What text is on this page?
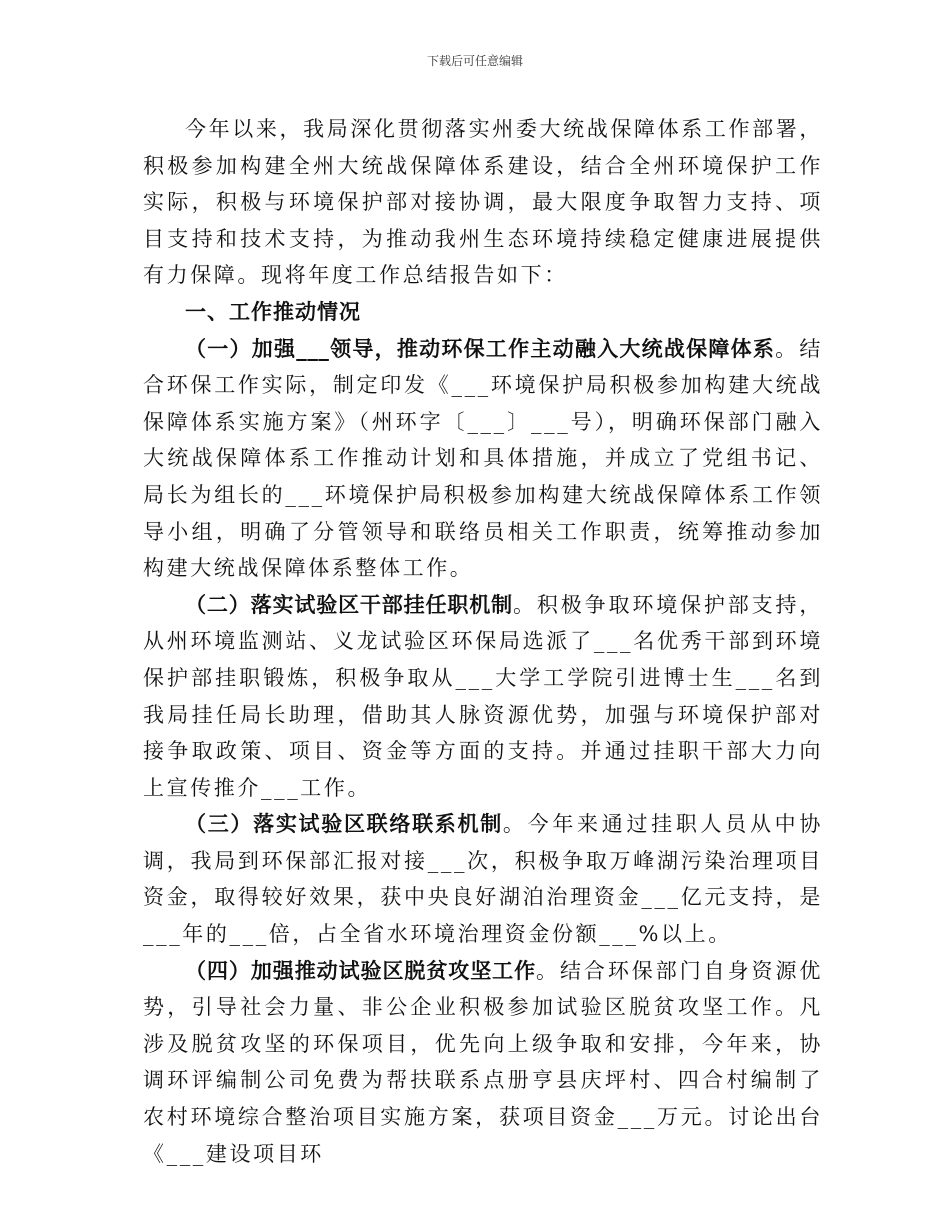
下载后可任意编辑

今年以来，我局深化贯彻落实州委大统战保障体系工作部署，积极参加构建全州大统战保障体系建设，结合全州环境保护工作实际，积极与环境保护部对接协调，最大限度争取智力支持、项目支持和技术支持，为推动我州生态环境持续稳定健康进展提供有力保障。现将年度工作总结报告如下：

一、工作推动情况

（一）加强___领导，推动环保工作主动融入大统战保障体系。结合环保工作实际，制定印发《___环境保护局积极参加构建大统战保障体系实施方案》（州环字〔___〕___号），明确环保部门融入大统战保障体系工作推动计划和具体措施，并成立了党组书记、局长为组长的___环境保护局积极参加构建大统战保障体系工作领导小组，明确了分管领导和联络员相关工作职责，统筹推动参加构建大统战保障体系整体工作。

（二）落实试验区干部挂任职机制。积极争取环境保护部支持，从州环境监测站、义龙试验区环保局选派了___名优秀干部到环境保护部挂职锻炼，积极争取从___大学工学院引进博士生___名到我局挂任局长助理，借助其人脉资源优势，加强与环境保护部对接争取政策、项目、资金等方面的支持。并通过挂职干部大力向上宣传推介___工作。

（三）落实试验区联络联系机制。今年来通过挂职人员从中协调，我局到环保部汇报对接___次，积极争取万峰湖污染治理项目资金，取得较好效果，获中央良好湖泊治理资金___亿元支持，是___年的___倍，占全省水环境治理资金份额___%以上。

（四）加强推动试验区脱贫攻坚工作。结合环保部门自身资源优势，引导社会力量、非公企业积极参加试验区脱贫攻坚工作。凡涉及脱贫攻坚的环保项目，优先向上级争取和安排，今年来，协调环评编制公司免费为帮扶联系点册亨县庆坪村、四合村编制了农村环境综合整治项目实施方案，获项目资金___万元。讨论出台《___建设项目环
